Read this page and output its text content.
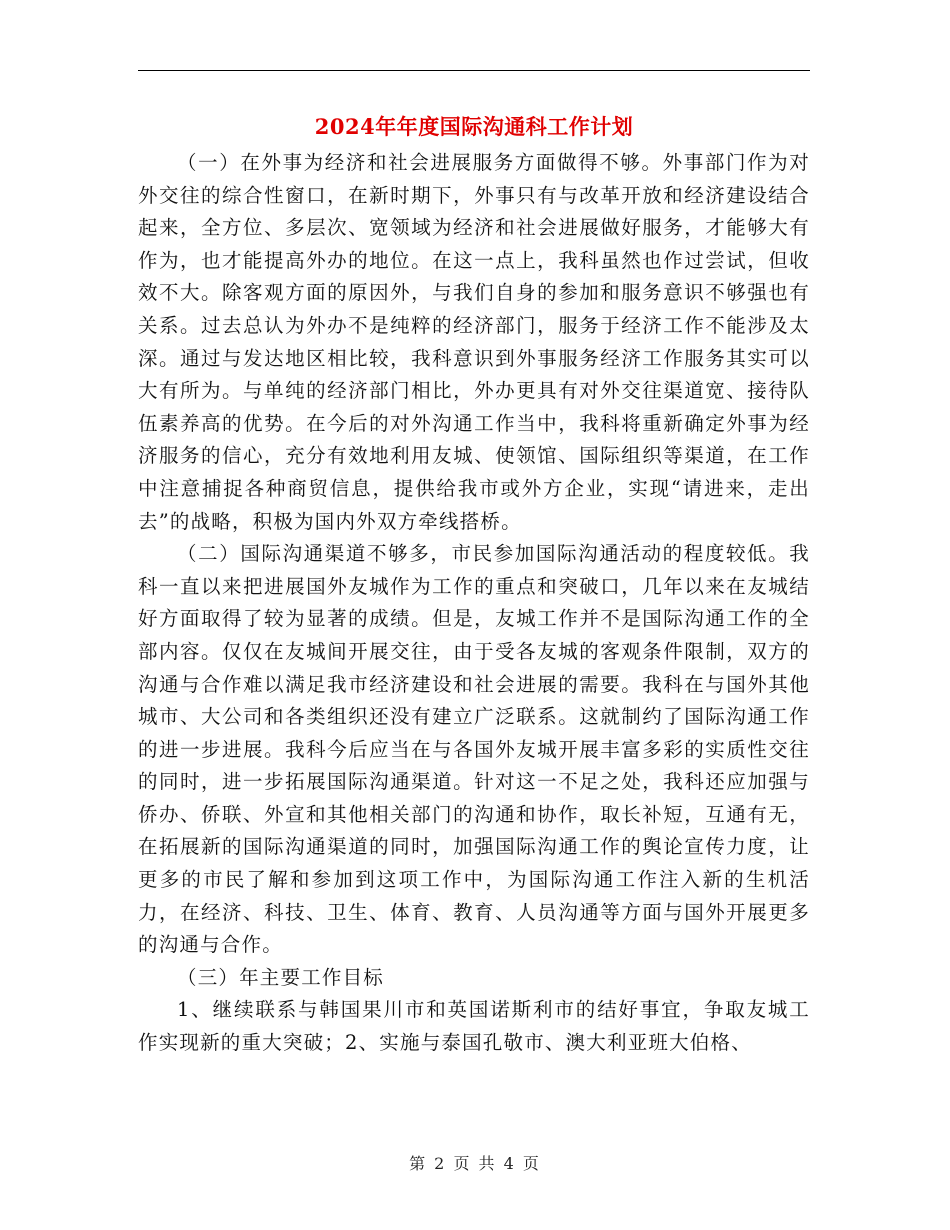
2024年年度国际沟通科工作计划

（一）在外事为经济和社会进展服务方面做得不够。外事部门作为对外交往的综合性窗口，在新时期下，外事只有与改革开放和经济建设结合起来，全方位、多层次、宽领域为经济和社会进展做好服务，才能够大有作为，也才能提高外办的地位。在这一点上，我科虽然也作过尝试，但收效不大。除客观方面的原因外，与我们自身的参加和服务意识不够强也有关系。过去总认为外办不是纯粹的经济部门，服务于经济工作不能涉及太深。通过与发达地区相比较，我科意识到外事服务经济工作服务其实可以大有所为。与单纯的经济部门相比，外办更具有对外交往渠道宽、接待队伍素养高的优势。在今后的对外沟通工作当中，我科将重新确定外事为经济服务的信心，充分有效地利用友城、使领馆、国际组织等渠道，在工作中注意捕捉各种商贸信息，提供给我市或外方企业，实现“请进来，走出去”的战略，积极为国内外双方牵线搭桥。

（二）国际沟通渠道不够多，市民参加国际沟通活动的程度较低。我科一直以来把进展国外友城作为工作的重点和突破口，几年以来在友城结好方面取得了较为显著的成绩。但是，友城工作并不是国际沟通工作的全部内容。仅仅在友城间开展交往，由于受各友城的客观条件限制，双方的沟通与合作难以满足我市经济建设和社会进展的需要。我科在与国外其他城市、大公司和各类组织还没有建立广泛联系。这就制约了国际沟通工作的进一步进展。我科今后应当在与各国外友城开展丰富多彩的实质性交往的同时，进一步拓展国际沟通渠道。针对这一不足之处，我科还应加强与侨办、侨联、外宣和其他相关部门的沟通和协作，取长补短，互通有无，在拓展新的国际沟通渠道的同时，加强国际沟通工作的舆论宣传力度，让更多的市民了解和参加到这项工作中，为国际沟通工作注入新的生机活力，在经济、科技、卫生、体育、教育、人员沟通等方面与国外开展更多的沟通与合作。

（三）年主要工作目标

1、继续联系与韩国果川市和英国诺斯利市的结好事宜，争取友城工作实现新的重大突破；2、实施与泰国孔敬市、澳大利亚班大伯格、

第 2 页 共 4 页
